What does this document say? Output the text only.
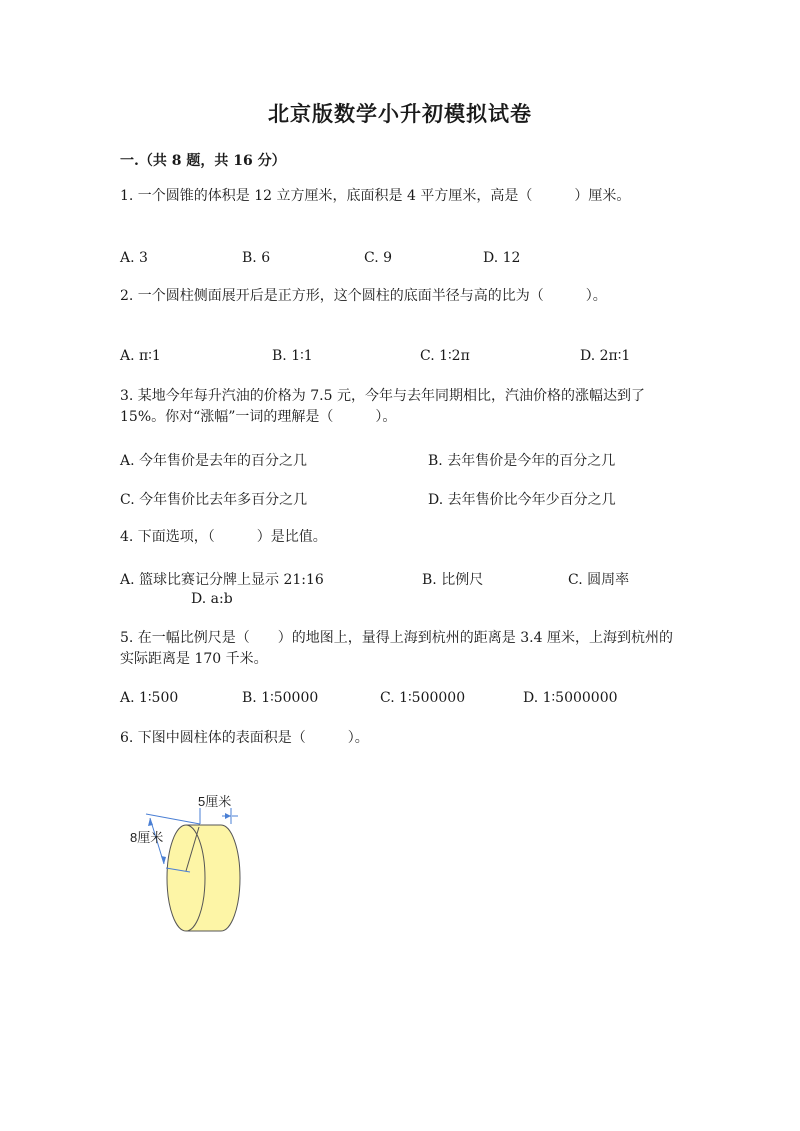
北京版数学小升初模拟试卷
一.（共 8 题，共 16 分）
1. 一个圆锥的体积是 12 立方厘米，底面积是 4 平方厘米，高是（　　　）厘米。
A. 3	B. 6	C. 9	D. 12
2. 一个圆柱侧面展开后是正方形，这个圆柱的底面半径与高的比为（　　　）。
A. π∶1	B. 1∶1	C. 1∶2π	D. 2π∶1
3. 某地今年每升汽油的价格为 7.5 元，今年与去年同期相比，汽油价格的涨幅达到了 15%。你对“涨幅”一词的理解是（　　　）。
A. 今年售价是去年的百分之几	B. 去年售价是今年的百分之几
C. 今年售价比去年多百分之几	D. 去年售价比今年少百分之几
4. 下面选项，（　　　）是比值。
A. 篮球比赛记分牌上显示 21:16	B. 比例尺	C. 圆周率
D. a:b
5. 在一幅比例尺是（　　）的地图上，量得上海到杭州的距离是 3.4 厘米，上海到杭州的实际距离是 170 千米。
A. 1∶500	B. 1∶50000	C. 1∶500000	D. 1∶5000000
6. 下图中圆柱体的表面积是（　　　）。
5厘米
8厘米
